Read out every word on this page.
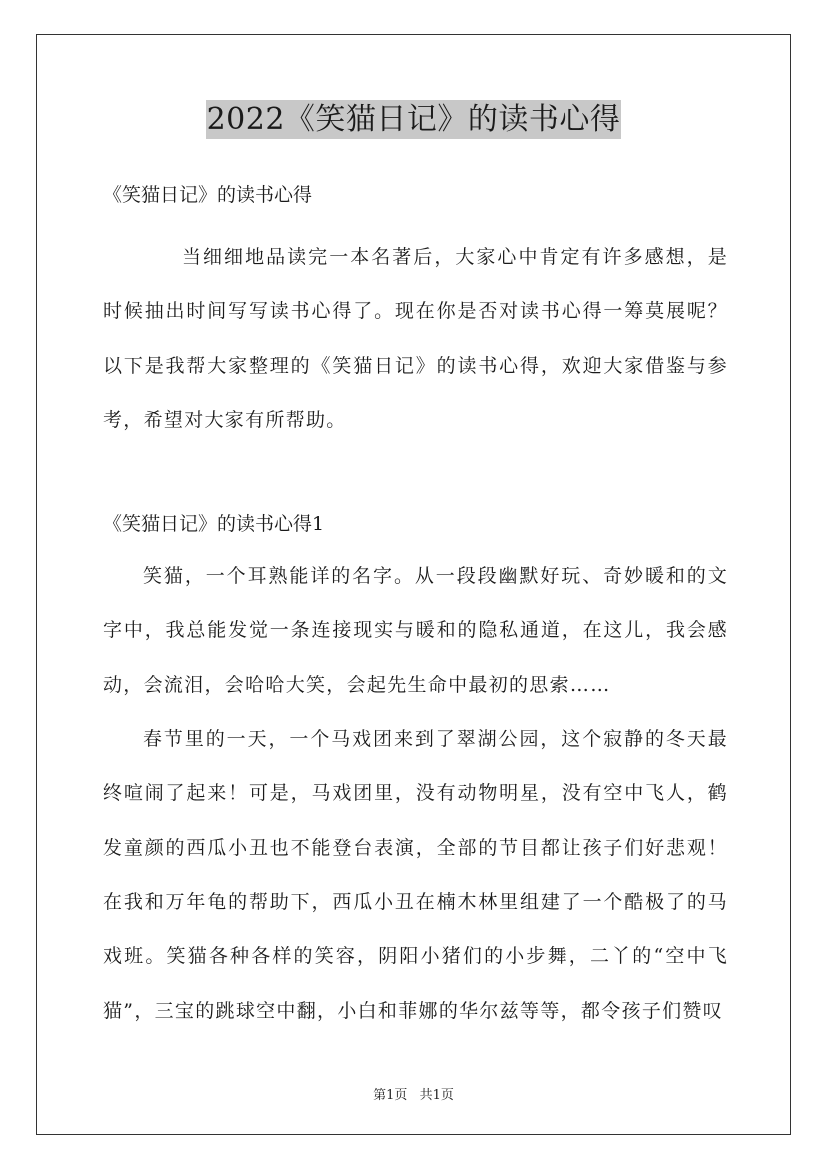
2022《笑猫日记》的读书心得
《笑猫日记》的读书心得

当细细地品读完一本名著后，大家心中肯定有许多感想，是时候抽出时间写写读书心得了。现在你是否对读书心得一筹莫展呢？以下是我帮大家整理的《笑猫日记》的读书心得，欢迎大家借鉴与参考，希望对大家有所帮助。

《笑猫日记》的读书心得1

笑猫，一个耳熟能详的名字。从一段段幽默好玩、奇妙暖和的文字中，我总能发觉一条连接现实与暖和的隐私通道，在这儿，我会感动，会流泪，会哈哈大笑，会起先生命中最初的思索……

春节里的一天，一个马戏团来到了翠湖公园，这个寂静的冬天最终喧闹了起来！可是，马戏团里，没有动物明星，没有空中飞人，鹤发童颜的西瓜小丑也不能登台表演，全部的节目都让孩子们好悲观！在我和万年龟的帮助下，西瓜小丑在楠木林里组建了一个酷极了的马戏班。笑猫各种各样的笑容，阴阳小猪们的小步舞，二丫的“空中飞猫”，三宝的跳球空中翻，小白和菲娜的华尔兹等等，都令孩子们赞叹

第1页 共1页
